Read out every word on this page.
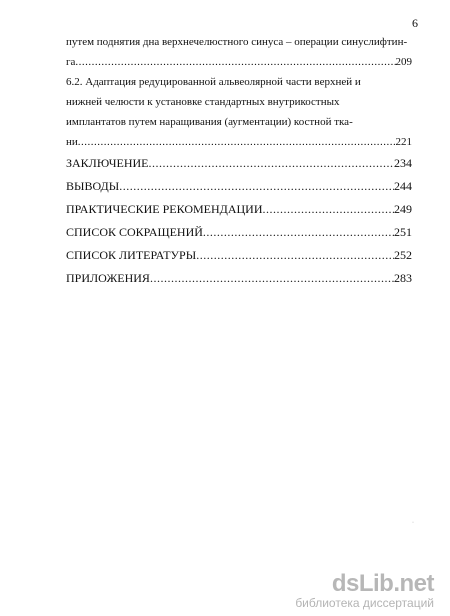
6
путем поднятия дна верхнечелюстного синуса – операции синуслифтин-
га .....	209
6.2. Адаптация редуцированной альвеолярной части верхней и
нижней челюсти к установке стандартных внутрикостных
имплантатов путем наращивания (аугментации) костной тка-
ни .....	221
ЗАКЛЮЧЕНИЕ .....	234
ВЫВОДЫ .....	244
ПРАКТИЧЕСКИЕ РЕКОМЕНДАЦИИ .....	249
СПИСОК СОКРАЩЕНИЙ .....	251
СПИСОК ЛИТЕРАТУРЫ .....	252
ПРИЛОЖЕНИЯ .....	283
·
dsLib.net
библиотека диссертаций
